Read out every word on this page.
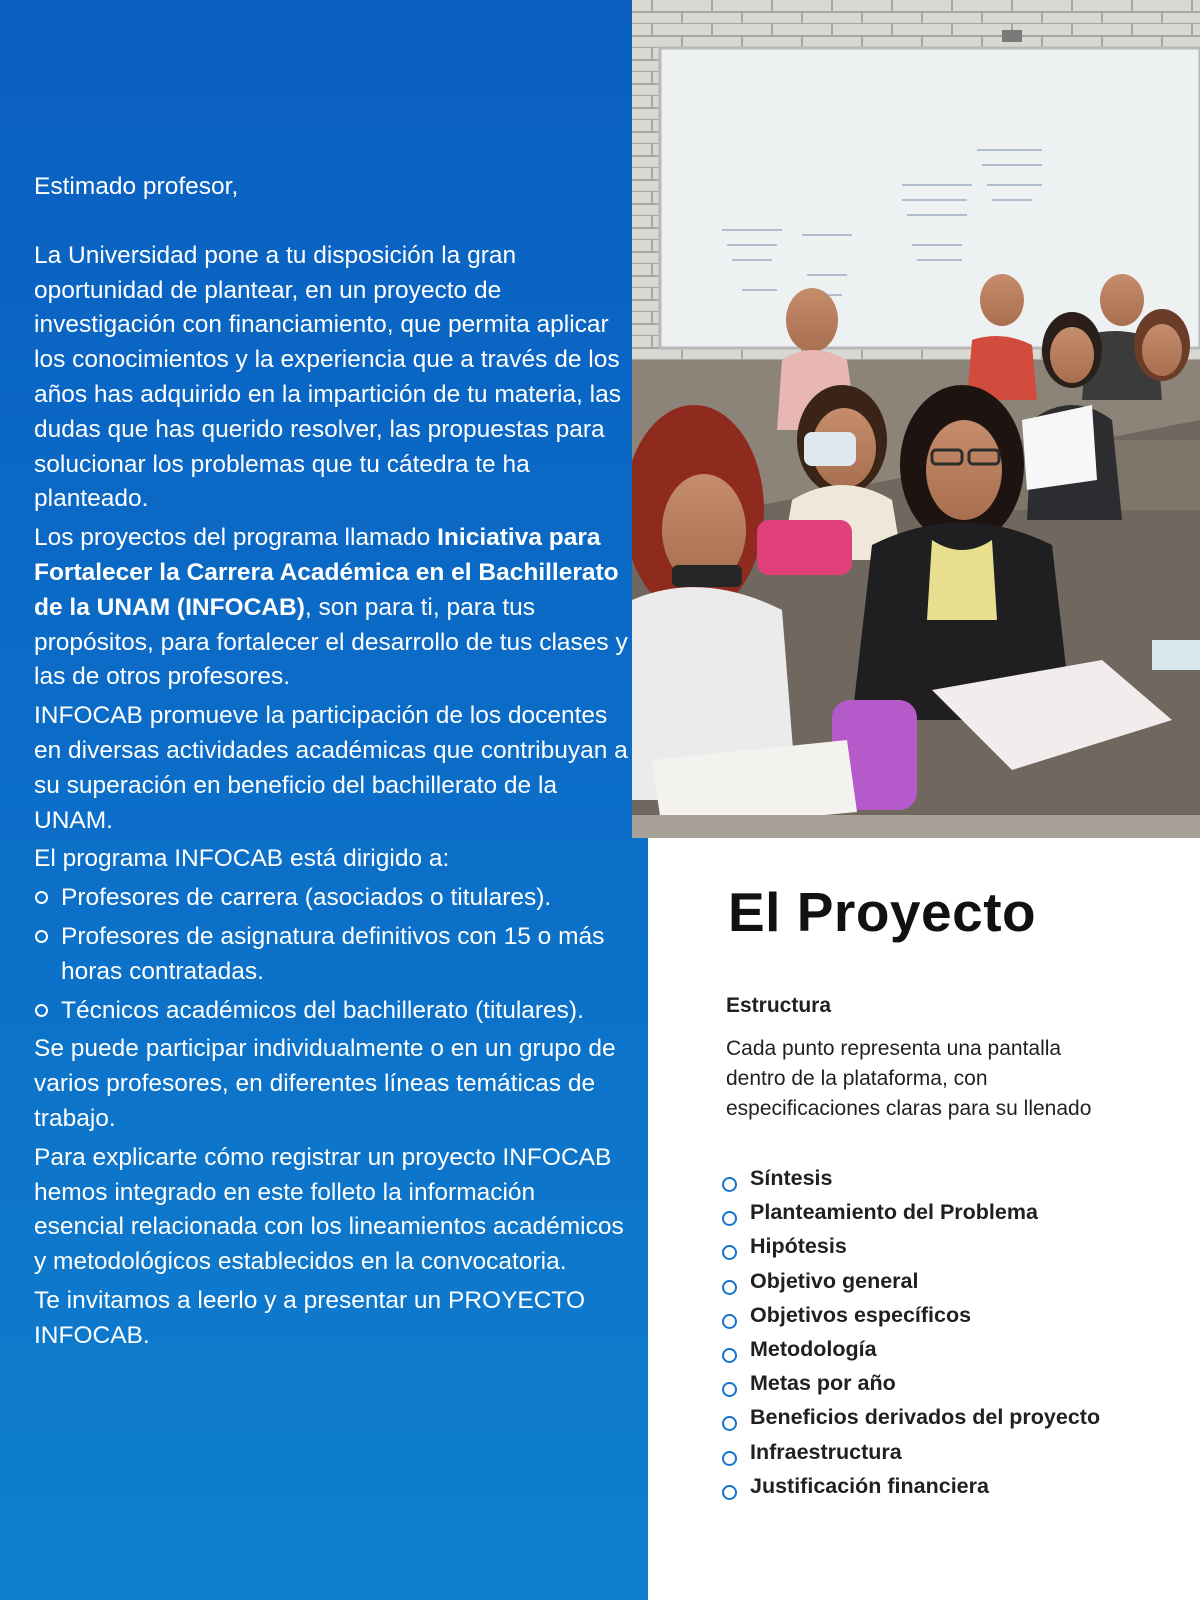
Estimado profesor,

La Universidad pone a tu disposición la gran oportunidad de plantear, en un proyecto de investigación con financiamiento, que permita aplicar los conocimientos y la experiencia que a través de los años has adquirido en la impartición de tu materia, las dudas que has querido resolver, las propuestas para solucionar los problemas que tu cátedra te ha planteado.

Los proyectos del programa llamado Iniciativa para Fortalecer la Carrera Académica en el Bachillerato de la UNAM (INFOCAB), son para ti, para tus propósitos, para fortalecer el desarrollo de tus clases y las de otros profesores.

INFOCAB promueve la participación de los docentes en diversas actividades académicas que contribuyan a su superación en beneficio del bachillerato de la UNAM.

El programa INFOCAB está dirigido a:

Profesores de carrera (asociados o titulares).
Profesores de asignatura definitivos con 15 o más horas contratadas.
Técnicos académicos del bachillerato (titulares).

Se puede participar individualmente o en un grupo de varios profesores, en diferentes líneas temáticas de trabajo.

Para explicarte cómo registrar un proyecto INFOCAB hemos integrado en este folleto la información esencial relacionada con los lineamientos académicos y metodológicos establecidos en la convocatoria.

Te invitamos a leerlo y a presentar un PROYECTO INFOCAB.

El Proyecto
Estructura
Cada punto representa una pantalla dentro de la plataforma, con especificaciones claras para su llenado
Síntesis
Planteamiento del Problema
Hipótesis
Objetivo general
Objetivos específicos
Metodología
Metas por año
Beneficios derivados del proyecto
Infraestructura
Justificación financiera
